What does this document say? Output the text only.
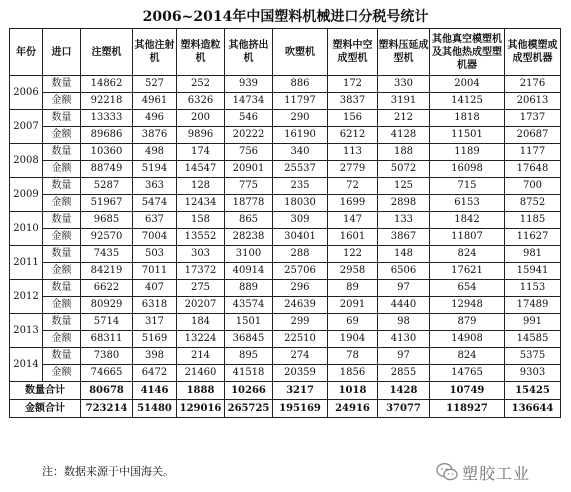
2006~2014年中国塑料机械进口分税号统计
年份	进口	注塑机	其他注射机	塑料造粒机	其他挤出机	吹塑机	塑料中空成型机	塑料压延成型机	其他真空模塑机及其他热成型塑机器	其他模塑或成型机器
2006	数量	14862	527	252	939	886	172	330	2004	2176
	金额	92218	4961	6326	14734	11797	3837	3191	14125	20613
2007	数量	13333	496	200	546	290	156	212	1818	1737
	金额	89686	3876	9896	20222	16190	6212	4128	11501	20687
2008	数量	10360	498	174	756	340	113	188	1189	1177
	金额	88749	5194	14547	20901	25537	2779	5072	16098	17648
2009	数量	5287	363	128	775	235	72	125	715	700
	金额	51967	5474	12434	18778	18030	1699	2898	6153	8752
2010	数量	9685	637	158	865	309	147	133	1842	1185
	金额	92570	7004	13552	28238	30401	1601	3867	11807	11627
2011	数量	7435	503	303	3100	288	122	148	824	981
	金额	84219	7011	17372	40914	25706	2958	6506	17621	15941
2012	数量	6622	407	275	889	296	89	97	654	1153
	金额	80929	6318	20207	43574	24639	2091	4440	12948	17489
2013	数量	5714	317	184	1501	299	69	98	879	991
	金额	68311	5169	13224	36845	22510	1904	4130	14908	14585
2014	数量	7380	398	214	895	274	78	97	824	5375
	金额	74665	6472	21460	41518	20359	1856	2855	14765	9303
数量合计		80678	4146	1888	10266	3217	1018	1428	10749	15425
金额合计		723214	51480	129016	265725	195169	24916	37077	118927	136644
注：数据来源于中国海关。	塑胶工业
